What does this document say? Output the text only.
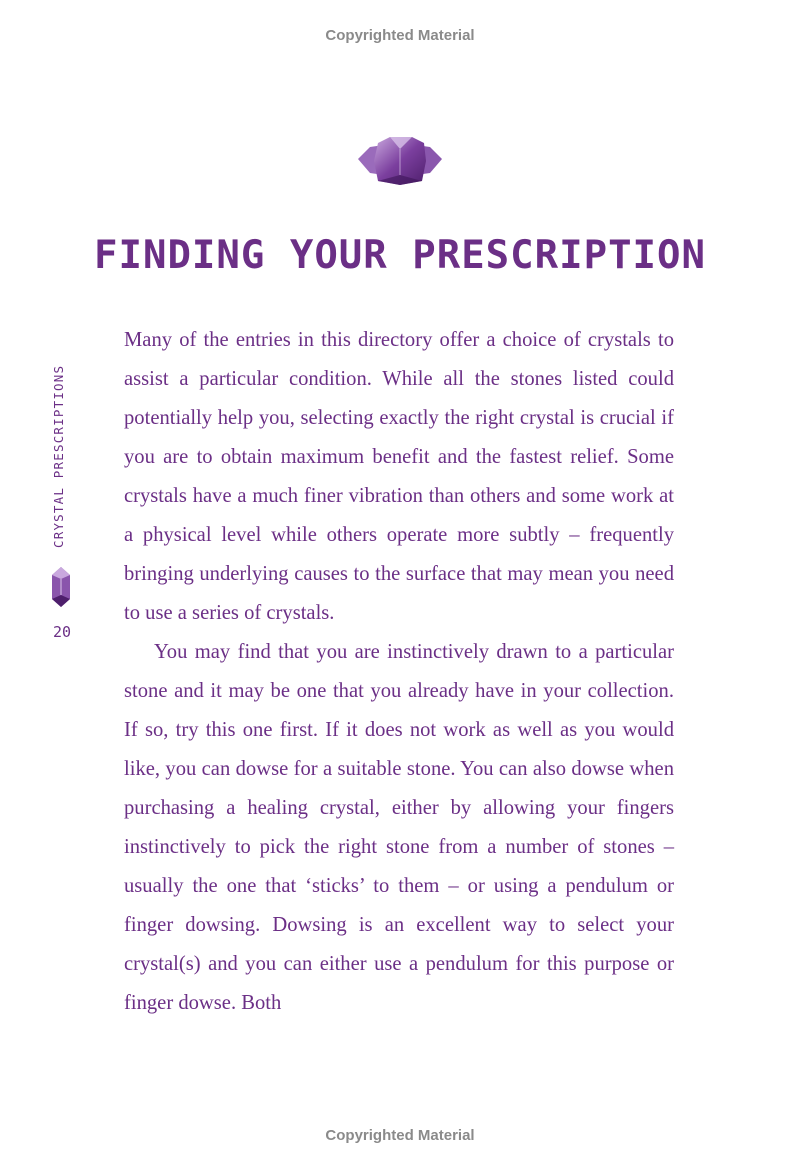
Copyrighted Material
FINDING YOUR PRESCRIPTION
CRYSTAL PRESCRIPTIONS
20

Many of the entries in this directory offer a choice of crystals to assist a particular condition. While all the stones listed could potentially help you, selecting exactly the right crystal is crucial if you are to obtain maximum benefit and the fastest relief. Some crystals have a much finer vibration than others and some work at a physical level while others operate more subtly – frequently bringing underlying causes to the surface that may mean you need to use a series of crystals.

You may find that you are instinctively drawn to a particular stone and it may be one that you already have in your collection. If so, try this one first. If it does not work as well as you would like, you can dowse for a suitable stone. You can also dowse when purchasing a healing crystal, either by allowing your fingers instinctively to pick the right stone from a number of stones – usually the one that ‘sticks’ to them – or using a pendulum or finger dowsing. Dowsing is an excellent way to select your crystal(s) and you can either use a pendulum for this purpose or finger dowse. Both

Copyrighted Material
